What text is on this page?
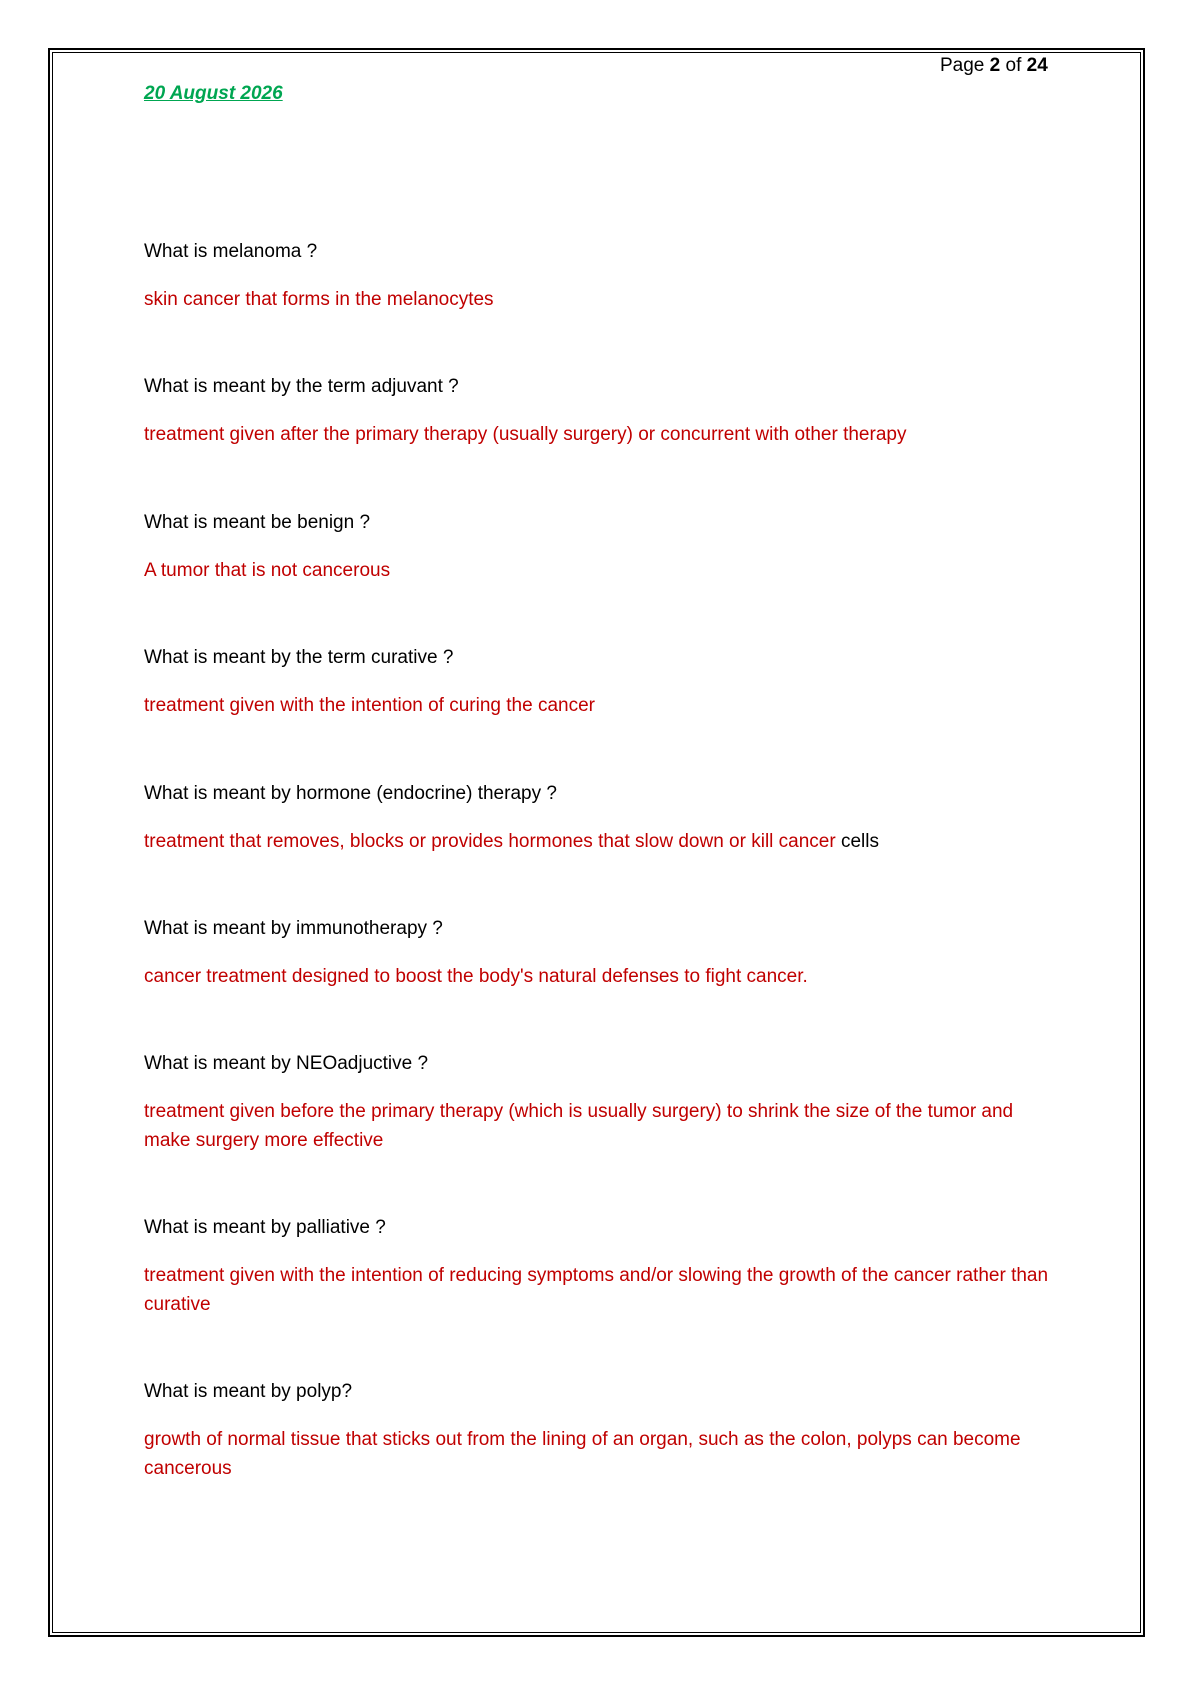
Page 2 of 24
20 August 2026
What is melanoma ?
skin cancer that forms in the melanocytes
What is meant by the term adjuvant ?
treatment given after the primary therapy (usually surgery) or concurrent with other therapy
What is meant be benign ?
A tumor that is not cancerous
What is meant by the term curative ?
treatment given with the intention of curing the cancer
What is meant by hormone (endocrine) therapy ?
treatment that removes, blocks or provides hormones that slow down or kill cancer cells
What is meant by immunotherapy ?
cancer treatment designed to boost the body's natural defenses to fight cancer.
What is meant by NEOadjuctive ?
treatment given before the primary therapy (which is usually surgery) to shrink the size of the tumor and make surgery more effective
What is meant by palliative ?
treatment given with the intention of reducing symptoms and/or slowing the growth of the cancer rather than curative
What is meant by polyp?
growth of normal tissue that sticks out from the lining of an organ, such as the colon, polyps can become cancerous
